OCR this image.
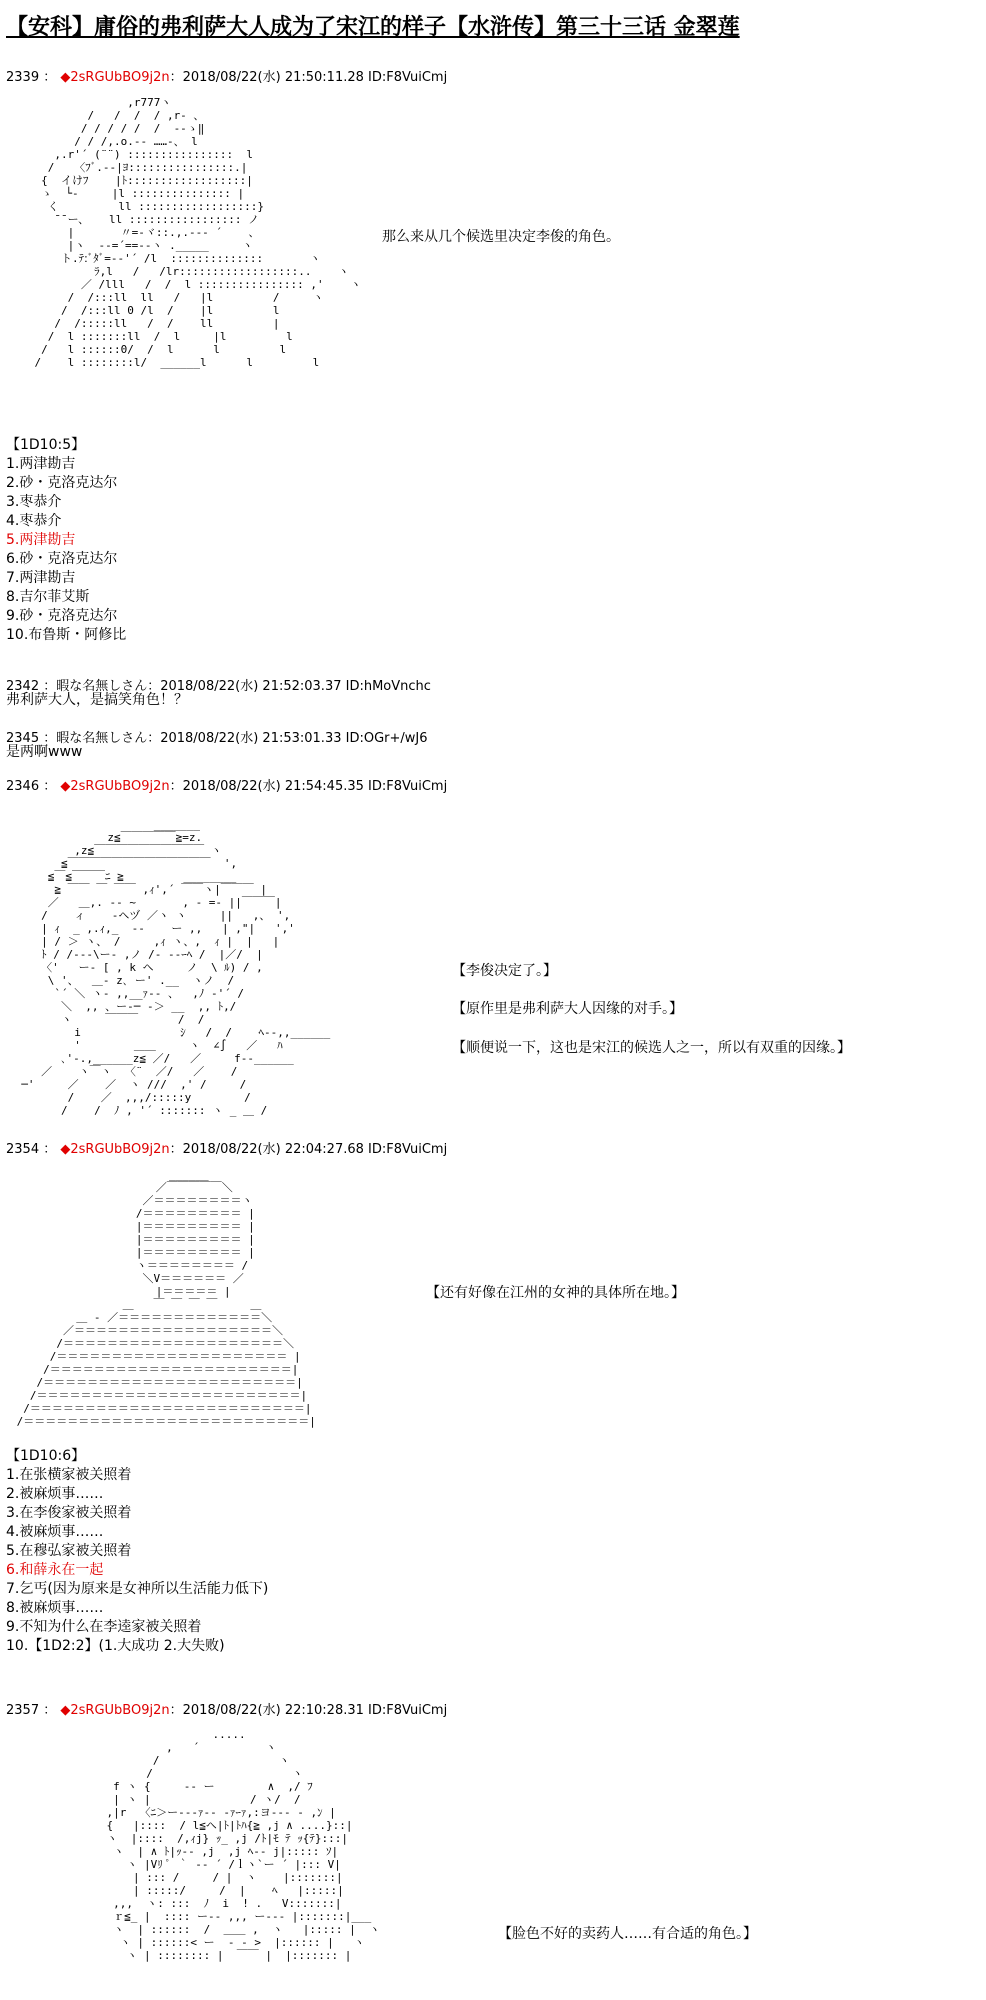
【安科】庸俗的弗利萨大人成为了宋江的样子【水浒传】第三十三话 金翠莲
2339 ： ◆2sRGUbBO9j2n：2018/08/22(水) 21:50:11.28 ID:F8VuiCmj
,r777ヽ
/   /  /  / ,r- 、
/ / / / /  /  -‐ゝ‖
/ / /,.o.-‐ ……‐、 l
,.r'´ (¨¨) ::::::::::::::::  l
/   〈ﾌﾞ.‐-|ﾖ::::::::::::::::.|
{  イけﾌ    |ﾄ::::::::::::::::::|
ゝ  └‐     |l ::::::::::::::: |
く         ll ::::::::::::::::::}
̄ ̄ ー、   ll ::::::::::::::::: ノ
|       〃=‐ヾ::.,.-‐‐ ´    、
|ヽ  -‐=´==-‐ヽ ._____     ヽ
ト.ﾃ:ﾞﾀﾞ=-‐'´ /l  ::::::::::::::       ヽ
ﾗ,l   /   /lr::::::::::::::::::..    ヽ
／ /lll   /  /  l :::::::::::::::: ,'    ヽ
/  /:::ll  ll   /   |l         /     ヽ
/  /:::ll 0 /l  /    |l         l
/  /:::::ll   /  /    ll         |
/  l :::::::ll  /  l     |l         l
/   l ::::::0/  /  l      l         l
/    l ::::::::l/  ______l      l         l
那么来从几个候选里决定李俊的角色。
【1D10:5】
1.两津勘吉
2.砂・克洛克达尔
3.枣恭介
4.枣恭介
5.两津勘吉
6.砂・克洛克达尔
7.两津勘吉
8.吉尔菲艾斯
9.砂・克洛克达尔
10.布鲁斯・阿修比
2342 ：暇な名無しさん：2018/08/22(水) 21:52:03.37 ID:hMoVnchc
弗利萨大人，是搞笑角色！？
2345 ：暇な名無しさん：2018/08/22(水) 21:53:01.33 ID:OGr+/wJ6
是两啊www
2346 ： ◆2sRGUbBO9j2n：2018/08/22(水) 21:54:45.35 ID:F8VuiCmj
_______
z≦￣￣￣￣￣≧=z.
,z≦￣￣￣￣￣￣￣￣￣￣ ヽ
≦￣￣￣￣￣￣￣￣￣￣￣￣￣  ',
≦￣≦￣￣￣ﾆ ≧         ________
≧ ￣￣ ￣ ￣￣ ,ｨ',´ ￣￣ヽ|￣￣￣ |
／   ＿,. ‐‐ ~       , ‐ =‐ ||￣￣￣|
/    ィ    ‐ヘヅ ／ヽ ヽ     ||   ,、 ',
| ｨ  _ ,.ｨ,_  --    ー ,,   | ,"|   ','
| / ＞ ヽ、 /     ,ｨ ヽ、,  ｨ |  |   |
ﾄ / /‐--\ー‐ ,ノ /‐ --ｰﾍ /  |／/  |
〈'   ー‐ [ , k ヘ     ノ  \ ﾙ) / ,
\ '、  ＿‐ z､ ー' .__  ヽノ  /
`´ ＼ ヽ- ,,__ｧ-‐ 、  ,ﾉ ‐'´ /
＼  ,, 、ー‐─ ‐＞ __  ,, ﾄ,/
ヽ     ￣￣￣      /  /
i               ｼ   /  /    ﾍ--,,______
'        ＿＿     ヽ  ∠∫   ／   ﾊ
､'-.,______z≦ ／/   ／     f-‐______
／    ヽ￣ヽ  〈¨  ／/   ／    /
─'     ／    ／  ヽ ///  ,' /     /
/    ／  ,,,/:::::y        /
/    /  ﾉ , '´ ::::::: ヽ _ ＿ /
【李俊决定了。】
【原作里是弗利萨大人因缘的对手。】
【顺便说一下，这也是宋江的候选人之一，所以有双重的因缘。】
2354 ： ◆2sRGUbBO9j2n：2018/08/22(水) 22:04:27.68 ID:F8VuiCmj
______
／￣￣￣￣￣＼
／＝＝＝＝＝＝＝＝ヽ
/＝＝＝＝＝＝＝＝＝ |
|＝＝＝＝＝＝＝＝＝ |
|＝＝＝＝＝＝＝＝＝ |
|＝＝＝＝＝＝＝＝＝ |
ヽ＝＝＝＝＝＝＝＝ /
＼V＝＝＝＝＝＝ ／
|＝＝＝＝＝ |
＿   ￣ ￣ ￣ ￣     ＿
＿ ‐ ／＝＝＝＝＝＝＝＝＝＝＝＝＝＼
／＝＝＝＝＝＝＝＝＝＝＝＝＝＝＝＝＝＝＼
/＝＝＝＝＝＝＝＝＝＝＝＝＝＝＝＝＝＝＝＝＼
/＝＝＝＝＝＝＝＝＝＝＝＝＝＝＝＝＝＝＝＝＝ |
/＝＝＝＝＝＝＝＝＝＝＝＝＝＝＝＝＝＝＝＝＝＝|
/＝＝＝＝＝＝＝＝＝＝＝＝＝＝＝＝＝＝＝＝＝＝＝|
/＝＝＝＝＝＝＝＝＝＝＝＝＝＝＝＝＝＝＝＝＝＝＝＝|
/＝＝＝＝＝＝＝＝＝＝＝＝＝＝＝＝＝＝＝＝＝＝＝＝＝|
/＝＝＝＝＝＝＝＝＝＝＝＝＝＝＝＝＝＝＝＝＝＝＝＝＝＝|
【还有好像在江州的女神的具体所在地。】
【1D10:6】
1.在张横家被关照着
2.被麻烦事……
3.在李俊家被关照着
4.被麻烦事……
5.在穆弘家被关照着
6.和薛永在一起
7.乞丐(因为原来是女神所以生活能力低下)
8.被麻烦事……
9.不知为什么在李逵家被关照着
10.【1D2:2】(1.大成功 2.大失败)
2357 ： ◆2sRGUbBO9j2n：2018/08/22(水) 22:10:28.31 ID:F8VuiCmj
.....
,   ´          ヽ
/                  ヽ
/                     ヽ
f ヽ {     -- ー        ∧  ,/ ﾌ
| ヽ |               / ヽ/  /
,|r  〈ﾆ＞ー---ｧ-‐ ‐ｧｰｧ,:ヨ‐-- - ,ﾝ |
{   |::::  / l≦ヘ|ﾄ|ﾄﾊ{≧ ,j ∧ ....}::|
ヽ  |::::  /,ｨj} ｯ_ ,j /ﾄ|ﾓ ﾃ ｯ{ﾃ}:::|
ヽ  | ∧ ﾄ|ｯ-- ,j  ,j ﾍ-- j|::::: ｿ|
ヽ |Vﾘ ﾟ ｀ -- ´ /ｌヽ`ー ´ |::: V|
| ::: /     / |  ヽ    |:::::::|
| :::::/     /  |    ﾍ   |:::::|
,,,  ヽ: :::  ﾉ  i  ! .   V:::::::|
ｒ≦_ |  :::: ー-- ,,, ー--- |:::::::|___
ヽ  | ::::::  /  ＿＿ ,  ヽ   |::::: |  ヽ
ヽ | ::::::< ー  ‐ ‐ >  |:::::: |   ヽ
ヽ | :::::::: |  ￣￣ |  |::::::: |
【脸色不好的卖药人……有合适的角色。】
